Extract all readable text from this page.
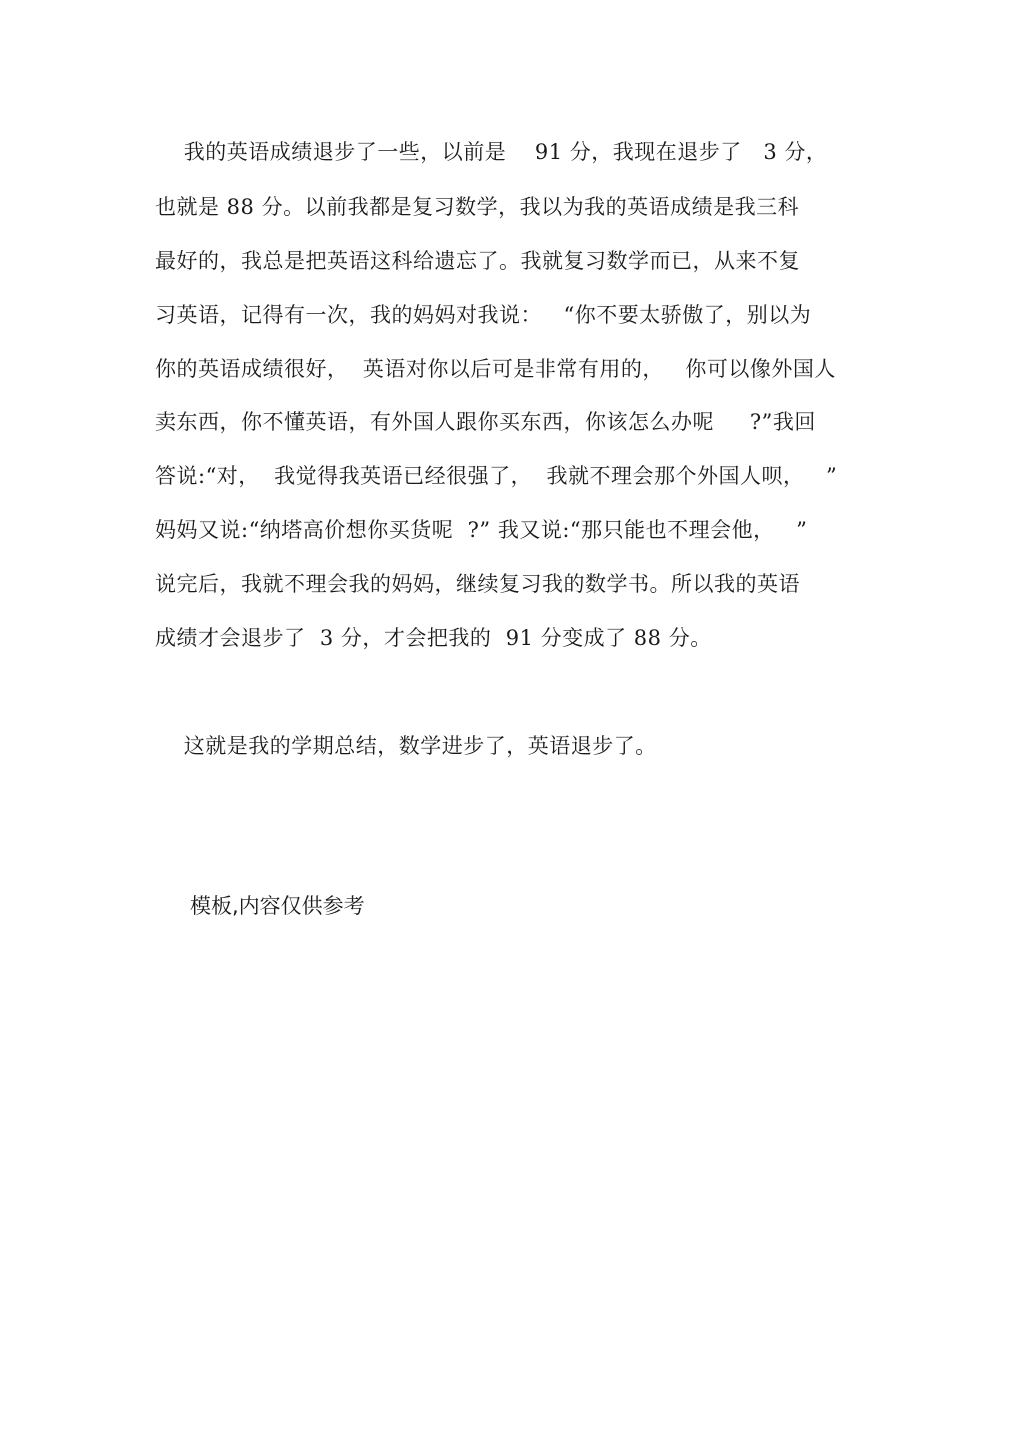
我的英语成绩退步了一些，以前是    91 分，我现在退步了   3 分，
也就是 88 分。以前我都是复习数学，我以为我的英语成绩是我三科
最好的，我总是把英语这科给遗忘了。我就复习数学而已，从来不复
习英语，记得有一次，我的妈妈对我说：   “你不要太骄傲了，别以为
你的英语成绩很好，  英语对你以后可是非常有用的，   你可以像外国人
卖东西，你不懂英语，有外国人跟你买东西，你该怎么办呢     ?”我回
答说:“对，  我觉得我英语已经很强了，  我就不理会那个外国人呗，   ”
妈妈又说:“纳塔高价想你买货呢  ?” 我又说:“那只能也不理会他，   ”
说完后，我就不理会我的妈妈，继续复习我的数学书。所以我的英语
成绩才会退步了  3 分，才会把我的  91 分变成了 88 分。
这就是我的学期总结，数学进步了，英语退步了。
模板,内容仅供参考
